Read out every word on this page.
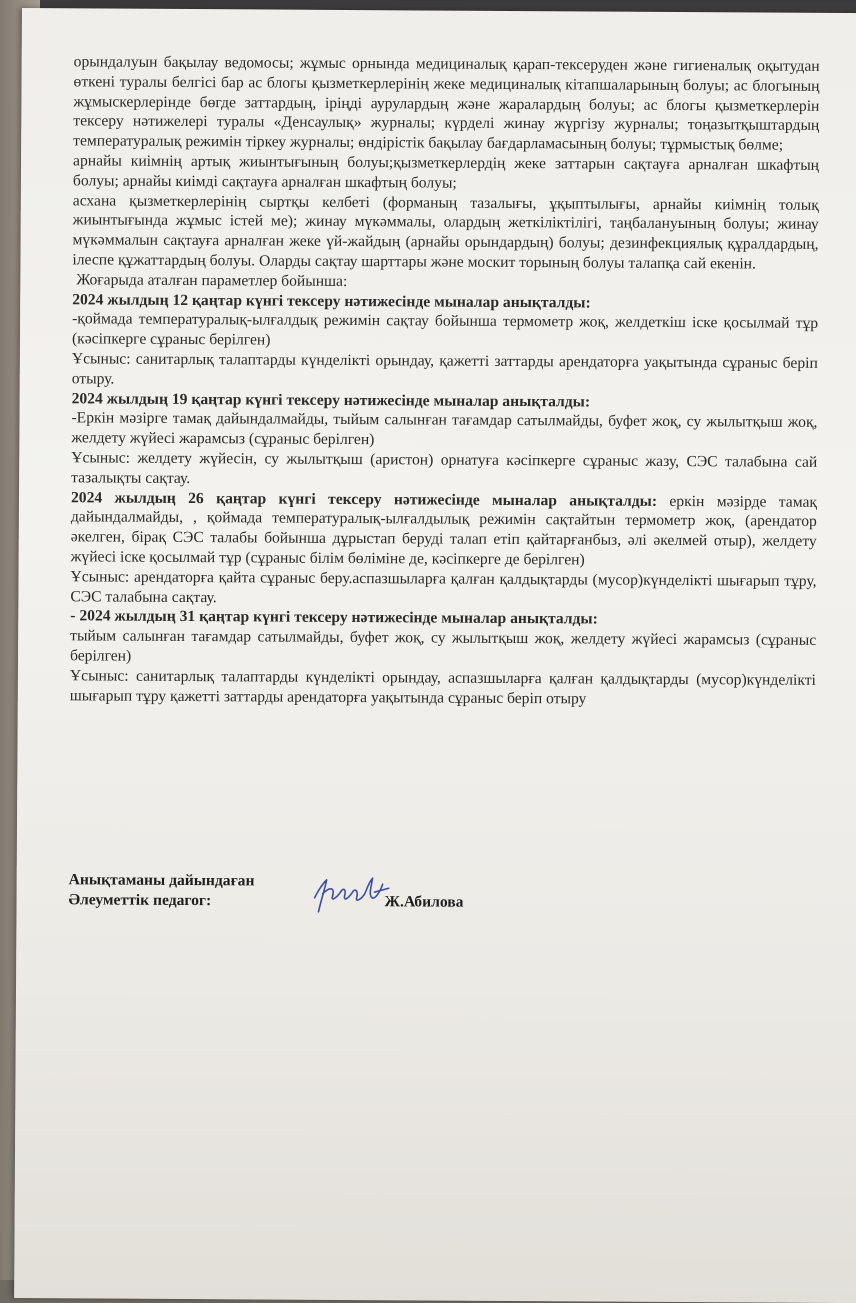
орындалуын бақылау ведомосы; жұмыс орнында медициналық қарап-тексеруден және гигиеналық оқытудан өткені туралы белгісі бар ас блогы қызметкерлерінің жеке медициналық кітапшаларының болуы; ас блогының жұмыскерлерінде бөгде заттардың, іріңді аурулардың және жаралардың болуы; ас блогы қызметкерлерін тексеру нәтижелері туралы «Денсаулық» журналы; күрделі жинау жүргізу журналы; тоңазытқыштардың температуралық режимін тіркеу журналы; өндірістік бақылау бағдарламасының болуы; тұрмыстық бөлме;

арнайы киімнің артық жиынтығының болуы;қызметкерлердің жеке заттарын сақтауға арналған шкафтың болуы; арнайы киімді сақтауға арналған шкафтың болуы;

асхана қызметкерлерінің сыртқы келбеті (форманың тазалығы, ұқыптылығы, арнайы киімнің толық жиынтығында жұмыс істей ме); жинау мүкәммалы, олардың жеткіліктілігі, таңбалануының болуы; жинау мүкәммалын сақтауға арналған жеке үй-жайдың (арнайы орындардың) болуы; дезинфекциялық құралдардың, ілеспе құжаттардың болуы. Оларды сақтау шарттары және москит торының болуы талапқа сай екенін.

Жоғарыда аталған параметлер бойынша:

2024 жылдың 12 қаңтар күнгі тексеру нәтижесінде мыналар анықталды:

-қоймада температуралық-ылғалдық режимін сақтау бойынша термометр жоқ, желдеткіш іске қосылмай тұр (кәсіпкерге сұраныс берілген)

Ұсыныс: санитарлық талаптарды күнделікті орындау, қажетті заттарды арендаторға уақытында сұраныс беріп отыру.

2024 жылдың 19 қаңтар күнгі тексеру нәтижесінде мыналар анықталды:

-Еркін мәзірге тамақ дайындалмайды, тыйым салынған тағамдар сатылмайды, буфет жоқ, су жылытқыш жоқ, желдету жүйесі жарамсыз (сұраныс берілген)

Ұсыныс: желдету жүйесін, су жылытқыш (аристон) орнатуға кәсіпкерге сұраныс жазу, СЭС талабына сай тазалықты сақтау.

2024 жылдың 26 қаңтар күнгі тексеру нәтижесінде мыналар анықталды: еркін мәзірде тамақ дайындалмайды, , қоймада температуралық-ылғалдылық режимін сақтайтын термометр жоқ, (арендатор әкелген, бірақ СЭС талабы бойынша дұрыстап беруді талап етіп қайтарғанбыз, әлі әкелмей отыр), желдету жүйесі іске қосылмай тұр (сұраныс білім бөліміне де, кәсіпкерге де берілген)

Ұсыныс: арендаторға қайта сұраныс беру.аспазшыларға қалған қалдықтарды (мусор)күнделікті шығарып тұру, СЭС талабына сақтау.

- 2024 жылдың 31 қаңтар күнгі тексеру нәтижесінде мыналар анықталды:

тыйым салынған тағамдар сатылмайды, буфет жоқ, су жылытқыш жоқ, желдету жүйесі жарамсыз (сұраныс берілген)

Ұсыныс: санитарлық талаптарды күнделікті орындау, аспазшыларға қалған қалдықтарды (мусор)күнделікті шығарып тұру қажетті заттарды арендаторға уақытында сұраныс беріп отыру

Анықтаманы дайындаған
Әлеуметтік педагог:	Ж.Абилова
